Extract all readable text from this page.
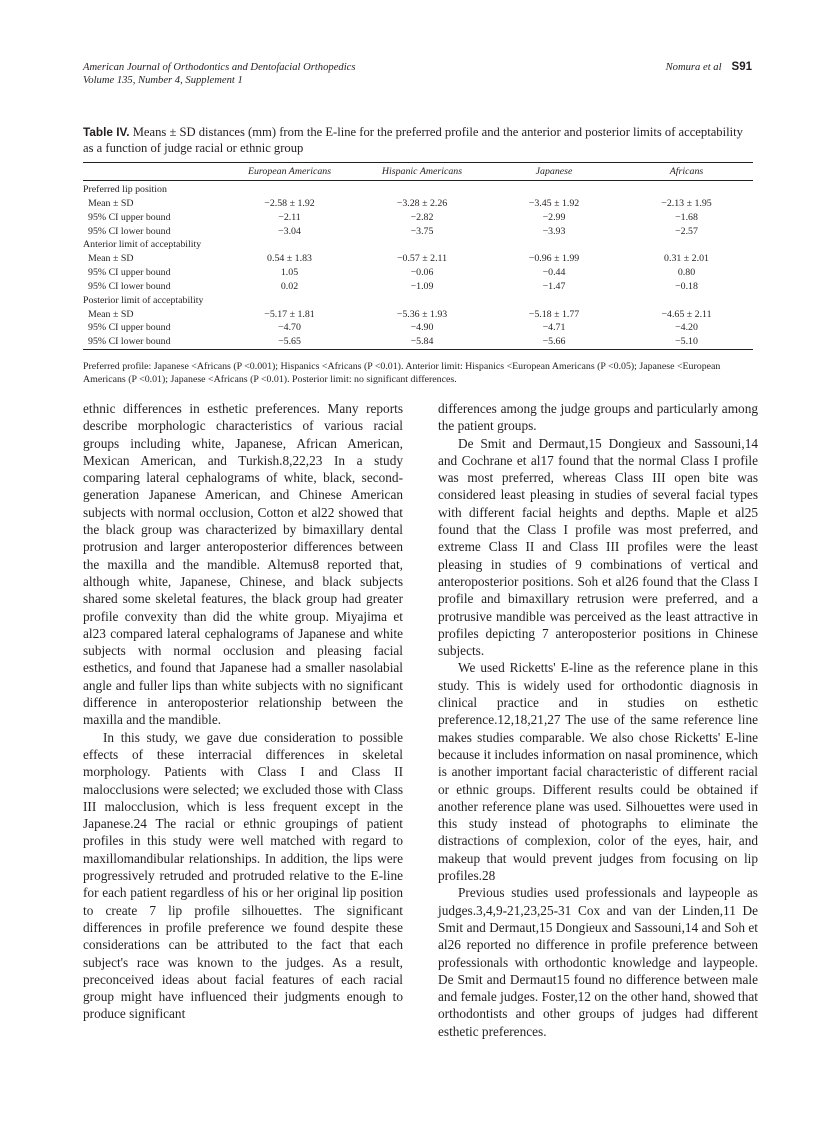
American Journal of Orthodontics and Dentofacial Orthopedics
Volume 135, Number 4, Supplement 1
Nomura et al S91
Table IV. Means ± SD distances (mm) from the E-line for the preferred profile and the anterior and posterior limits of acceptability as a function of judge racial or ethnic group
	European Americans	Hispanic Americans	Japanese	Africans

Preferred lip position				
Mean ± SD	−2.58 ± 1.92	−3.28 ± 2.26	−3.45 ± 1.92	−2.13 ± 1.95
95% CI upper bound	−2.11	−2.82	−2.99	−1.68
95% CI lower bound	−3.04	−3.75	−3.93	−2.57
Anterior limit of acceptability				
Mean ± SD	0.54 ± 1.83	−0.57 ± 2.11	−0.96 ± 1.99	0.31 ± 2.01
95% CI upper bound	1.05	−0.06	−0.44	0.80
95% CI lower bound	0.02	−1.09	−1.47	−0.18
Posterior limit of acceptability				
Mean ± SD	−5.17 ± 1.81	−5.36 ± 1.93	−5.18 ± 1.77	−4.65 ± 2.11
95% CI upper bound	−4.70	−4.90	−4.71	−4.20
95% CI lower bound	−5.65	−5.84	−5.66	−5.10
Preferred profile: Japanese <Africans (P <0.001); Hispanics <Africans (P <0.01). Anterior limit: Hispanics <European Americans (P <0.05); Japanese <European Americans (P <0.01); Japanese <Africans (P <0.01). Posterior limit: no significant differences.

ethnic differences in esthetic preferences. Many reports describe morphologic characteristics of various racial groups including white, Japanese, African American, Mexican American, and Turkish.8,22,23 In a study comparing lateral cephalograms of white, black, second-generation Japanese American, and Chinese American subjects with normal occlusion, Cotton et al22 showed that the black group was characterized by bimaxillary dental protrusion and larger anteroposterior differences between the maxilla and the mandible. Altemus8 reported that, although white, Japanese, Chinese, and black subjects shared some skeletal features, the black group had greater profile convexity than did the white group. Miyajima et al23 compared lateral cephalograms of Japanese and white subjects with normal occlusion and pleasing facial esthetics, and found that Japanese had a smaller nasolabial angle and fuller lips than white subjects with no significant difference in anteroposterior relationship between the maxilla and the mandible.

In this study, we gave due consideration to possible effects of these interracial differences in skeletal morphology. Patients with Class I and Class II malocclusions were selected; we excluded those with Class III malocclusion, which is less frequent except in the Japanese.24 The racial or ethnic groupings of patient profiles in this study were well matched with regard to maxillomandibular relationships. In addition, the lips were progressively retruded and protruded relative to the E-line for each patient regardless of his or her original lip position to create 7 lip profile silhouettes. The significant differences in profile preference we found despite these considerations can be attributed to the fact that each subject's race was known to the judges. As a result, preconceived ideas about facial features of each racial group might have influenced their judgments enough to produce significant

differences among the judge groups and particularly among the patient groups.

De Smit and Dermaut,15 Dongieux and Sassouni,14 and Cochrane et al17 found that the normal Class I profile was most preferred, whereas Class III open bite was considered least pleasing in studies of several facial types with different facial heights and depths. Maple et al25 found that the Class I profile was most preferred, and extreme Class II and Class III profiles were the least pleasing in studies of 9 combinations of vertical and anteroposterior positions. Soh et al26 found that the Class I profile and bimaxillary retrusion were preferred, and a protrusive mandible was perceived as the least attractive in profiles depicting 7 anteroposterior positions in Chinese subjects.

We used Ricketts' E-line as the reference plane in this study. This is widely used for orthodontic diagnosis in clinical practice and in studies on esthetic preference.12,18,21,27 The use of the same reference line makes studies comparable. We also chose Ricketts' E-line because it includes information on nasal prominence, which is another important facial characteristic of different racial or ethnic groups. Different results could be obtained if another reference plane was used. Silhouettes were used in this study instead of photographs to eliminate the distractions of complexion, color of the eyes, hair, and makeup that would prevent judges from focusing on lip profiles.28

Previous studies used professionals and laypeople as judges.3,4,9-21,23,25-31 Cox and van der Linden,11 De Smit and Dermaut,15 Dongieux and Sassouni,14 and Soh et al26 reported no difference in profile preference between professionals with orthodontic knowledge and laypeople. De Smit and Dermaut15 found no difference between male and female judges. Foster,12 on the other hand, showed that orthodontists and other groups of judges had different esthetic preferences.
